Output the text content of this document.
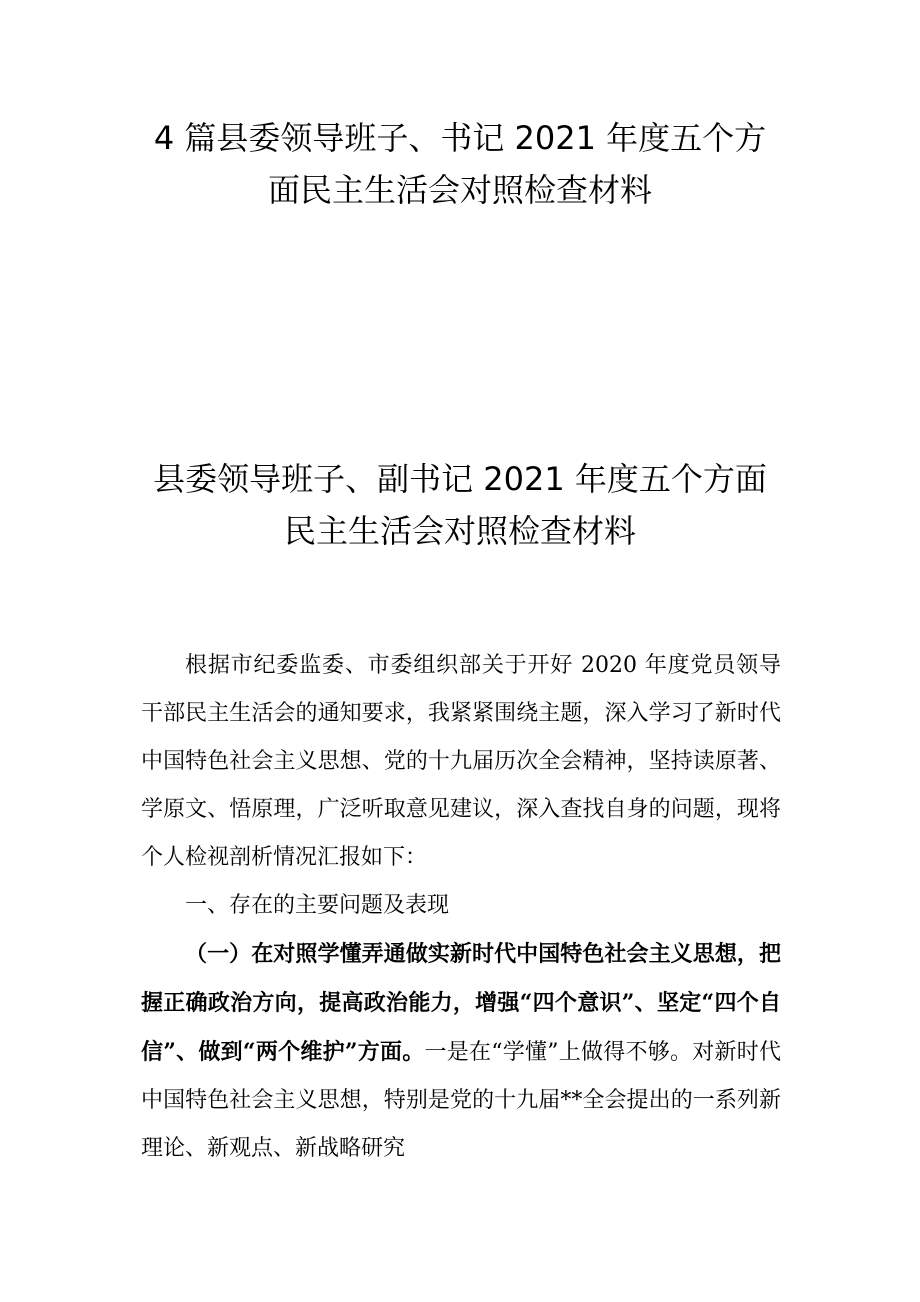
4 篇县委领导班子、书记 2021 年度五个方
面民主生活会对照检查材料
县委领导班子、副书记 2021 年度五个方面
民主生活会对照检查材料

根据市纪委监委、市委组织部关于开好 2020 年度党员领导干部民主生活会的通知要求，我紧紧围绕主题，深入学习了新时代中国特色社会主义思想、党的十九届历次全会精神，坚持读原著、学原文、悟原理，广泛听取意见建议，深入查找自身的问题，现将个人检视剖析情况汇报如下：

一、存在的主要问题及表现

（一）在对照学懂弄通做实新时代中国特色社会主义思想，把握正确政治方向，提高政治能力，增强“四个意识”、坚定“四个自信”、做到“两个维护”方面。一是在“学懂”上做得不够。对新时代中国特色社会主义思想，特别是党的十九届**全会提出的一系列新理论、新观点、新战略研究
